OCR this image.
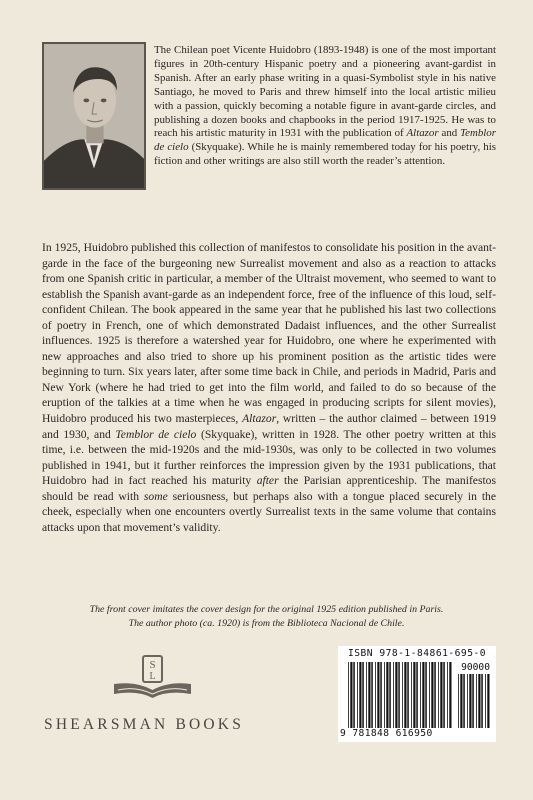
The Chilean poet Vicente Huidobro (1893-1948) is one of the most important figures in 20th-century Hispanic poetry and a pioneering avant-gardist in Spanish. After an early phase writing in a quasi-Symbolist style in his native Santiago, he moved to Paris and threw himself into the local artistic milieu with a passion, quickly becoming a notable figure in avant-garde circles, and publishing a dozen books and chapbooks in the period 1917-1925. He was to reach his artistic maturity in 1931 with the publication of Altazor and Temblor de cielo (Skyquake). While he is mainly remembered today for his poetry, his fiction and other writings are also still worth the reader’s attention.
In 1925, Huidobro published this collection of manifestos to consolidate his position in the avant-garde in the face of the burgeoning new Surrealist movement and also as a reaction to attacks from one Spanish critic in particular, a member of the Ultraist movement, who seemed to want to establish the Spanish avant-garde as an independent force, free of the influence of this loud, self-confident Chilean. The book appeared in the same year that he published his last two collections of poetry in French, one of which demonstrated Dadaist influences, and the other Surrealist influences. 1925 is therefore a watershed year for Huidobro, one where he experimented with new approaches and also tried to shore up his prominent position as the artistic tides were beginning to turn. Six years later, after some time back in Chile, and periods in Madrid, Paris and New York (where he had tried to get into the film world, and failed to do so because of the eruption of the talkies at a time when he was engaged in producing scripts for silent movies), Huidobro produced his two masterpieces, Altazor, written – the author claimed – between 1919 and 1930, and Temblor de cielo (Skyquake), written in 1928. The other poetry written at this time, i.e. between the mid-1920s and the mid-1930s, was only to be collected in two volumes published in 1941, but it further reinforces the impression given by the 1931 publications, that Huidobro had in fact reached his maturity after the Parisian apprenticeship. The manifestos should be read with some seriousness, but perhaps also with a tongue placed securely in the cheek, especially when one encounters overtly Surrealist texts in the same volume that contains attacks upon that movement’s validity.

The front cover imitates the cover design for the original 1925 edition published in Paris.

The author photo (ca. 1920) is from the Biblioteca Nacional de Chile.

S
L
SHEARSMAN BOOKS
ISBN 978-1-84861-695-0
90000
9 781848 616950
